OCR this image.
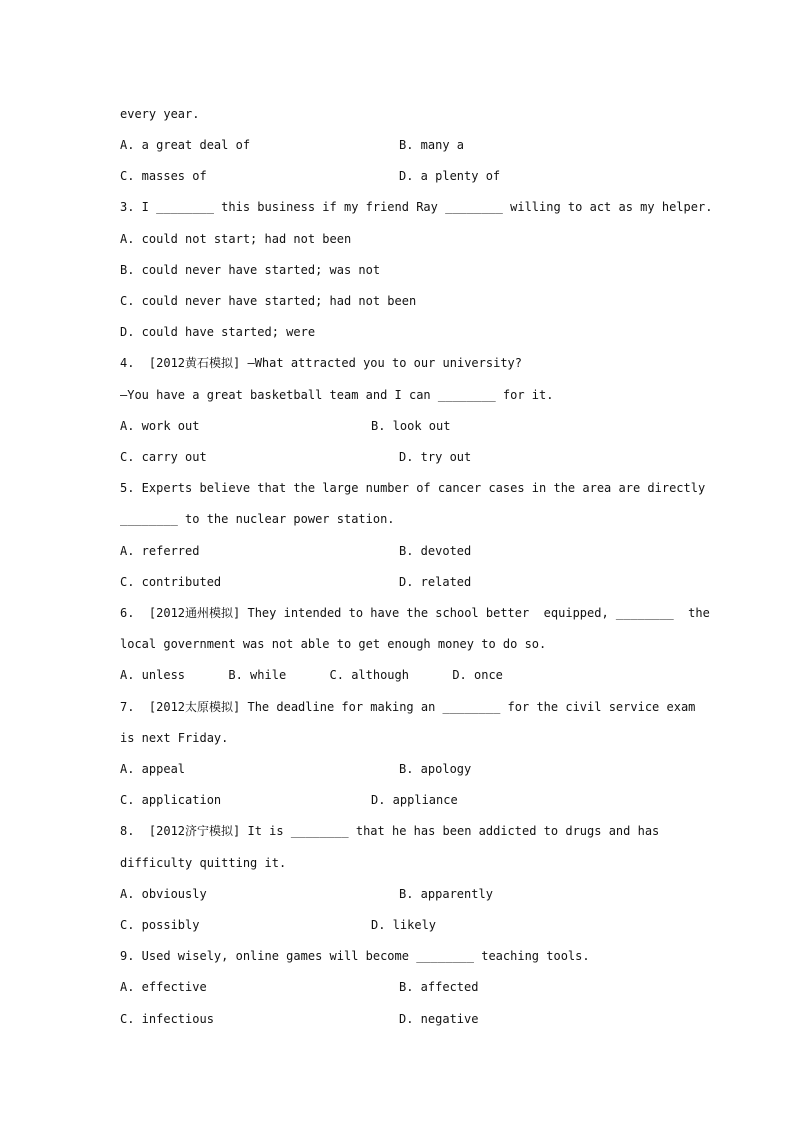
every year.
A. a great deal of	B. many a
C. masses of	D. a plenty of
3. I ________ this business if my friend Ray ________ willing to act as my helper.
A. could not start; had not been
B. could never have started; was not
C. could never have started; had not been
D. could have started; were
4.  [2012黄石模拟] —What attracted you to our university?
—You have a great basketball team and I can ________ for it.
A. work out	B. look out
C. carry out	D. try out
5. Experts believe that the large number of cancer cases in the area are directly
________ to the nuclear power station.
A. referred	B. devoted
C. contributed	D. related
6.  [2012通州模拟] They intended to have the school better  equipped, ________  the
local government was not able to get enough money to do so.
A. unless      B. while      C. although      D. once
7.  [2012太原模拟] The deadline for making an ________ for the civil service exam
is next Friday.
A. appeal	B. apology
C. application	D. appliance
8.  [2012济宁模拟] It is ________ that he has been addicted to drugs and has
difficulty quitting it.
A. obviously	B. apparently
C. possibly	D. likely
9. Used wisely, online games will become ________ teaching tools.
A. effective	B. affected
C. infectious	D. negative
